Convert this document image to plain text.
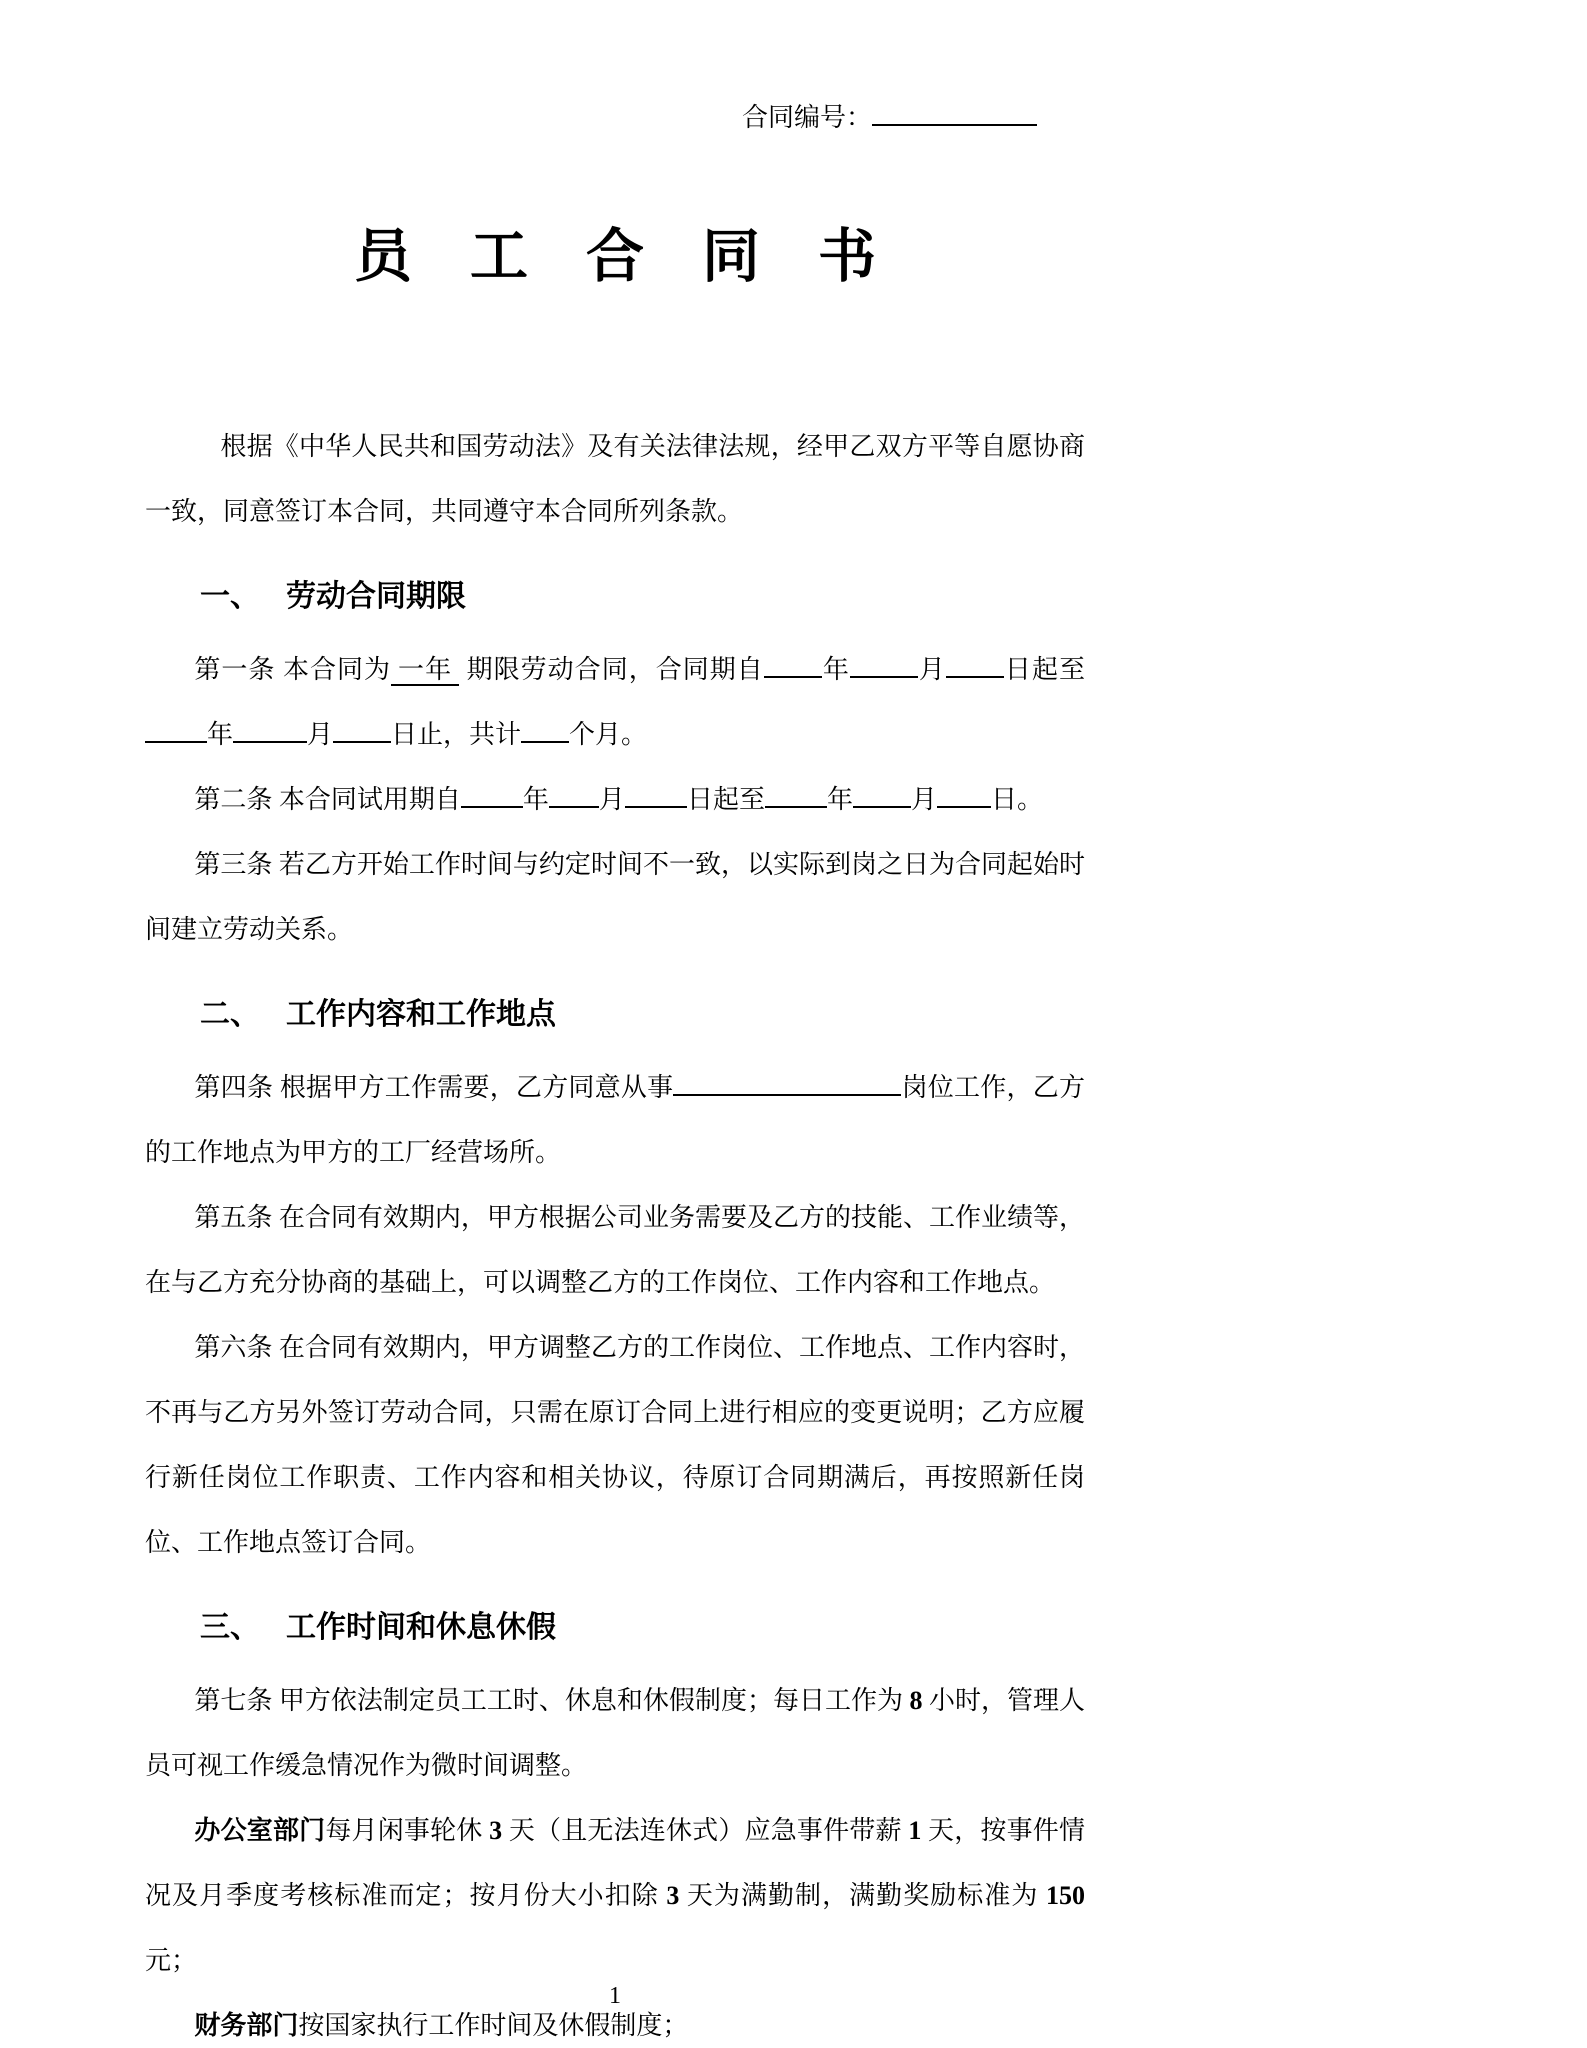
合同编号：
员　工　合　同　书

根据《中华人民共和国劳动法》及有关法律法规，经甲乙双方平等自愿协商一致，同意签订本合同，共同遵守本合同所列条款。

一、 劳动合同期限

第一条 本合同为 一年 期限劳动合同，合同期自 年	月 日起至年	月 日止，共计 个月。

第二条 本合同试用期自 年 月 日起至 年 月 日。

第三条 若乙方开始工作时间与约定时间不一致，以实际到岗之日为合同起始时间建立劳动关系。

二、 工作内容和工作地点

第四条 根据甲方工作需要，乙方同意从事	岗位工作，乙方的工作地点为甲方的工厂经营场所。

第五条 在合同有效期内，甲方根据公司业务需要及乙方的技能、工作业绩等，在与乙方充分协商的基础上，可以调整乙方的工作岗位、工作内容和工作地点。

第六条 在合同有效期内，甲方调整乙方的工作岗位、工作地点、工作内容时，不再与乙方另外签订劳动合同，只需在原订合同上进行相应的变更说明；乙方应履行新任岗位工作职责、工作内容和相关协议，待原订合同期满后，再按照新任岗位、工作地点签订合同。

三、 工作时间和休息休假

第七条 甲方依法制定员工工时、休息和休假制度；每日工作为 8 小时，管理人员可视工作缓急情况作为微时间调整。

办公室部门每月闲事轮休 3 天（且无法连休式）应急事件带薪 1 天，按事件情况及月季度考核标准而定；按月份大小扣除 3 天为满勤制，满勤奖励标准为 150 元；

财务部门按国家执行工作时间及休假制度；

1
